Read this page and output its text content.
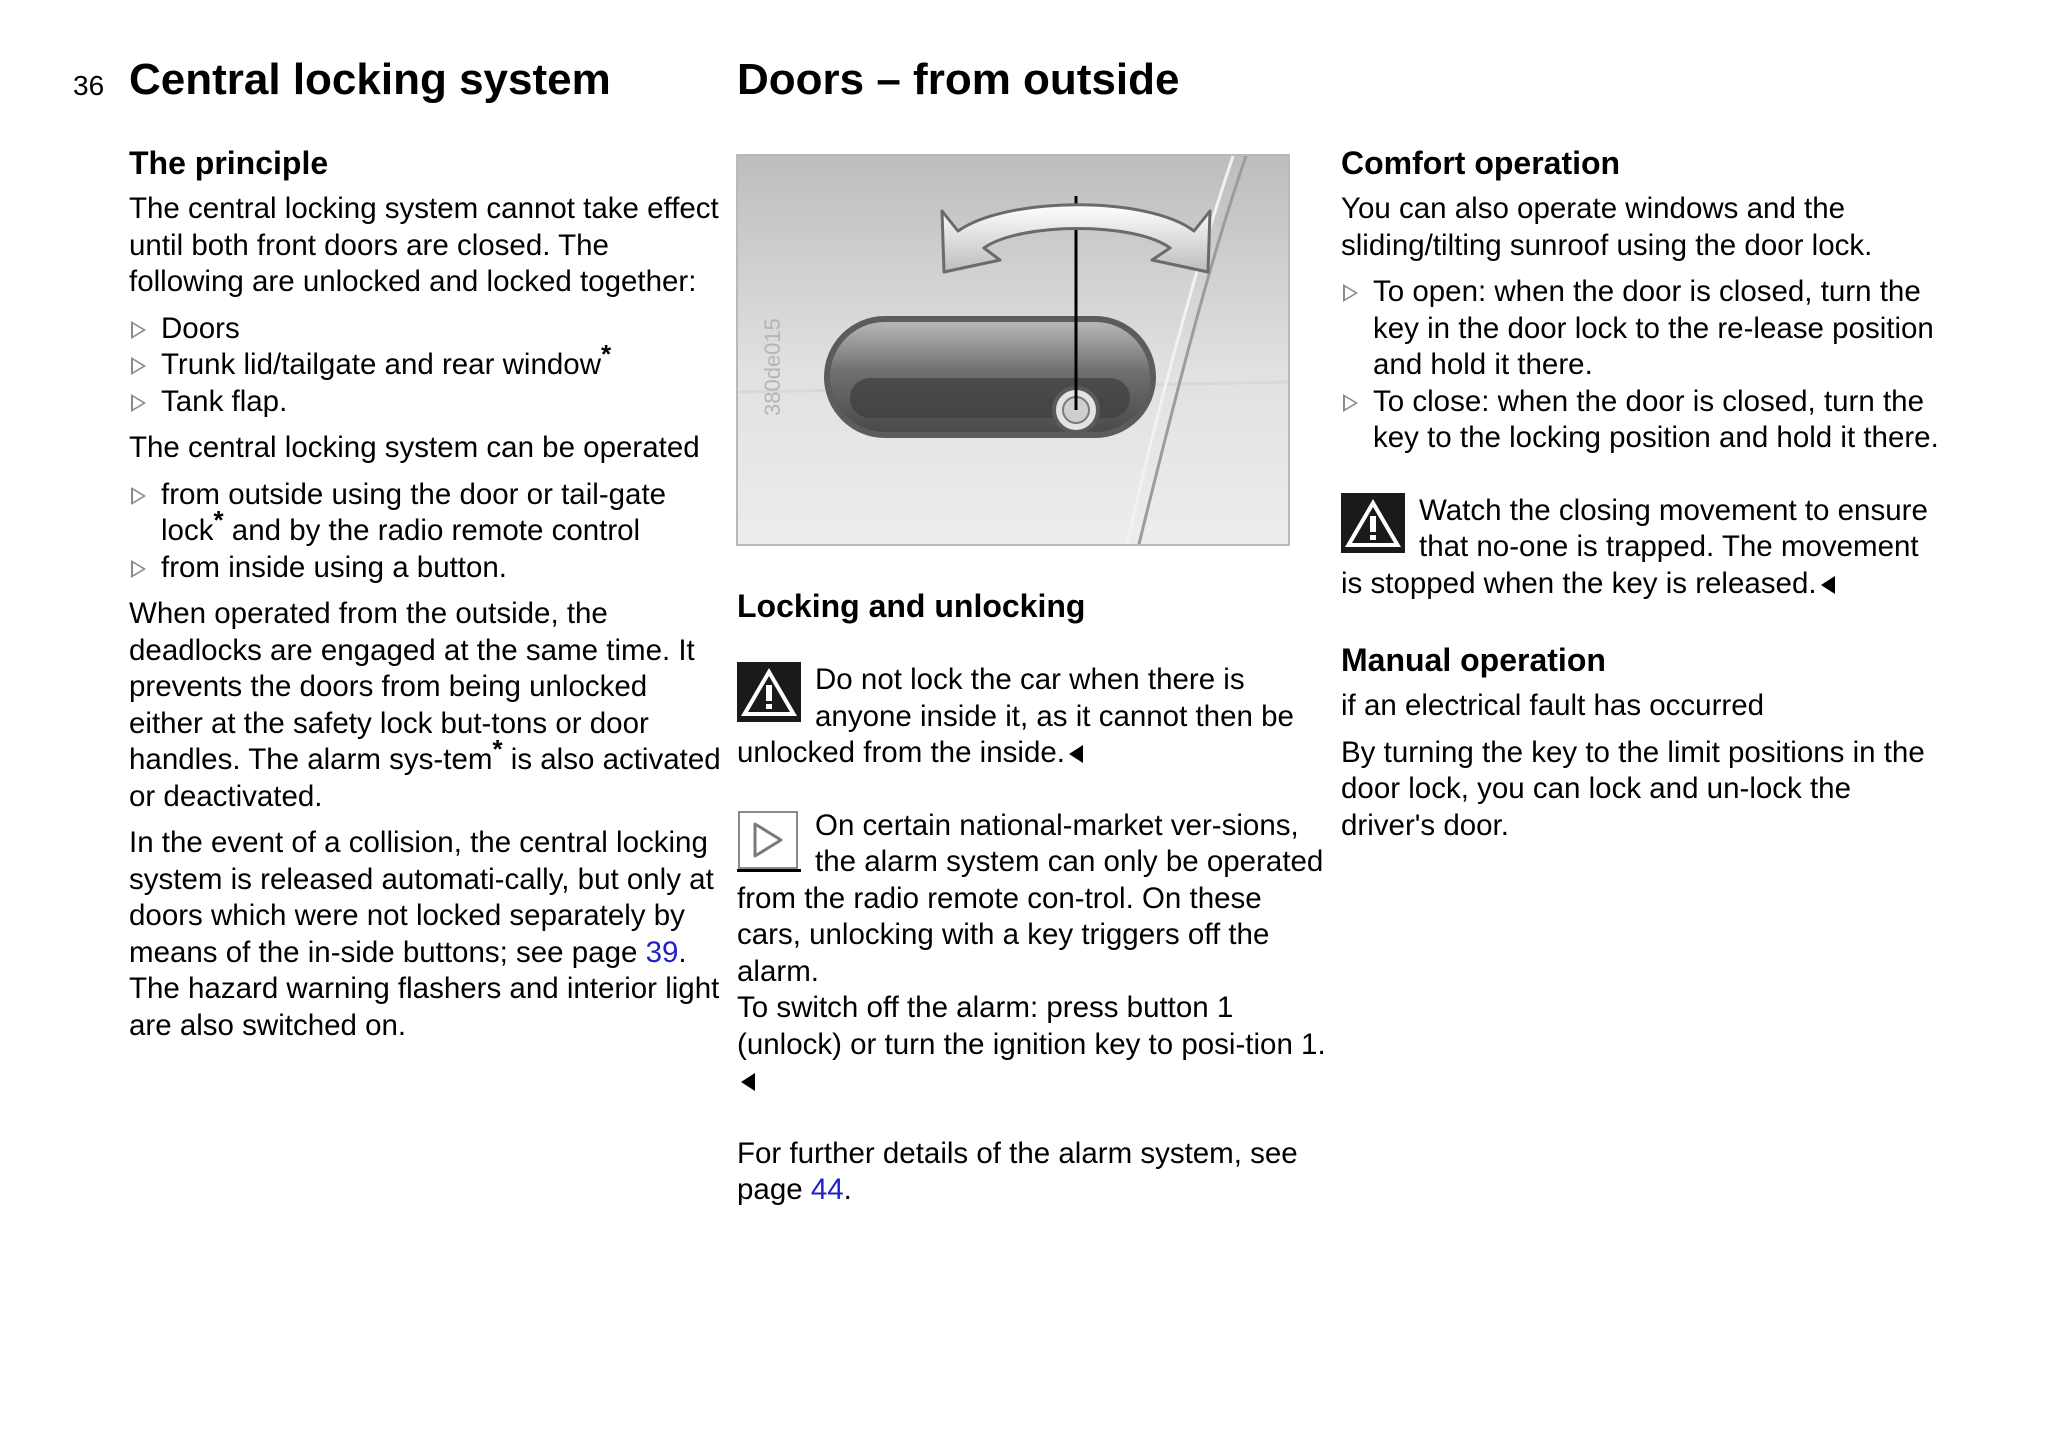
36 Central locking system	Doors – from outside
The principle

The central locking system cannot take effect until both front doors are closed. The following are unlocked and locked together:

Doors
Trunk lid/tailgate and rear window*
Tank flap.

The central locking system can be operated

from outside using the door or tail-gate lock* and by the radio remote control
from inside using a button.

When operated from the outside, the deadlocks are engaged at the same time. It prevents the doors from being unlocked either at the safety lock but-tons or door handles. The alarm sys-tem* is also activated or deactivated.

In the event of a collision, the central locking system is released automati-cally, but only at doors which were not locked separately by means of the in-side buttons; see page 39. The hazard warning flashers and interior light are also switched on.

380de015
Locking and unlocking

Do not lock the car when there is anyone inside it, as it cannot then be unlocked from the inside.

On certain national-market ver-sions, the alarm system can only be operated from the radio remote con-trol. On these cars, unlocking with a key triggers off the alarm.

To switch off the alarm: press button 1 (unlock) or turn the ignition key to posi-tion 1.

For further details of the alarm system, see page 44.

Comfort operation

You can also operate windows and the sliding/tilting sunroof using the door lock.

To open: when the door is closed, turn the key in the door lock to the re-lease position and hold it there.
To close: when the door is closed, turn the key to the locking position and hold it there.

Watch the closing movement to ensure that no-one is trapped. The movement is stopped when the key is released.

Manual operation

if an electrical fault has occurred

By turning the key to the limit positions in the door lock, you can lock and un-lock the driver's door.
